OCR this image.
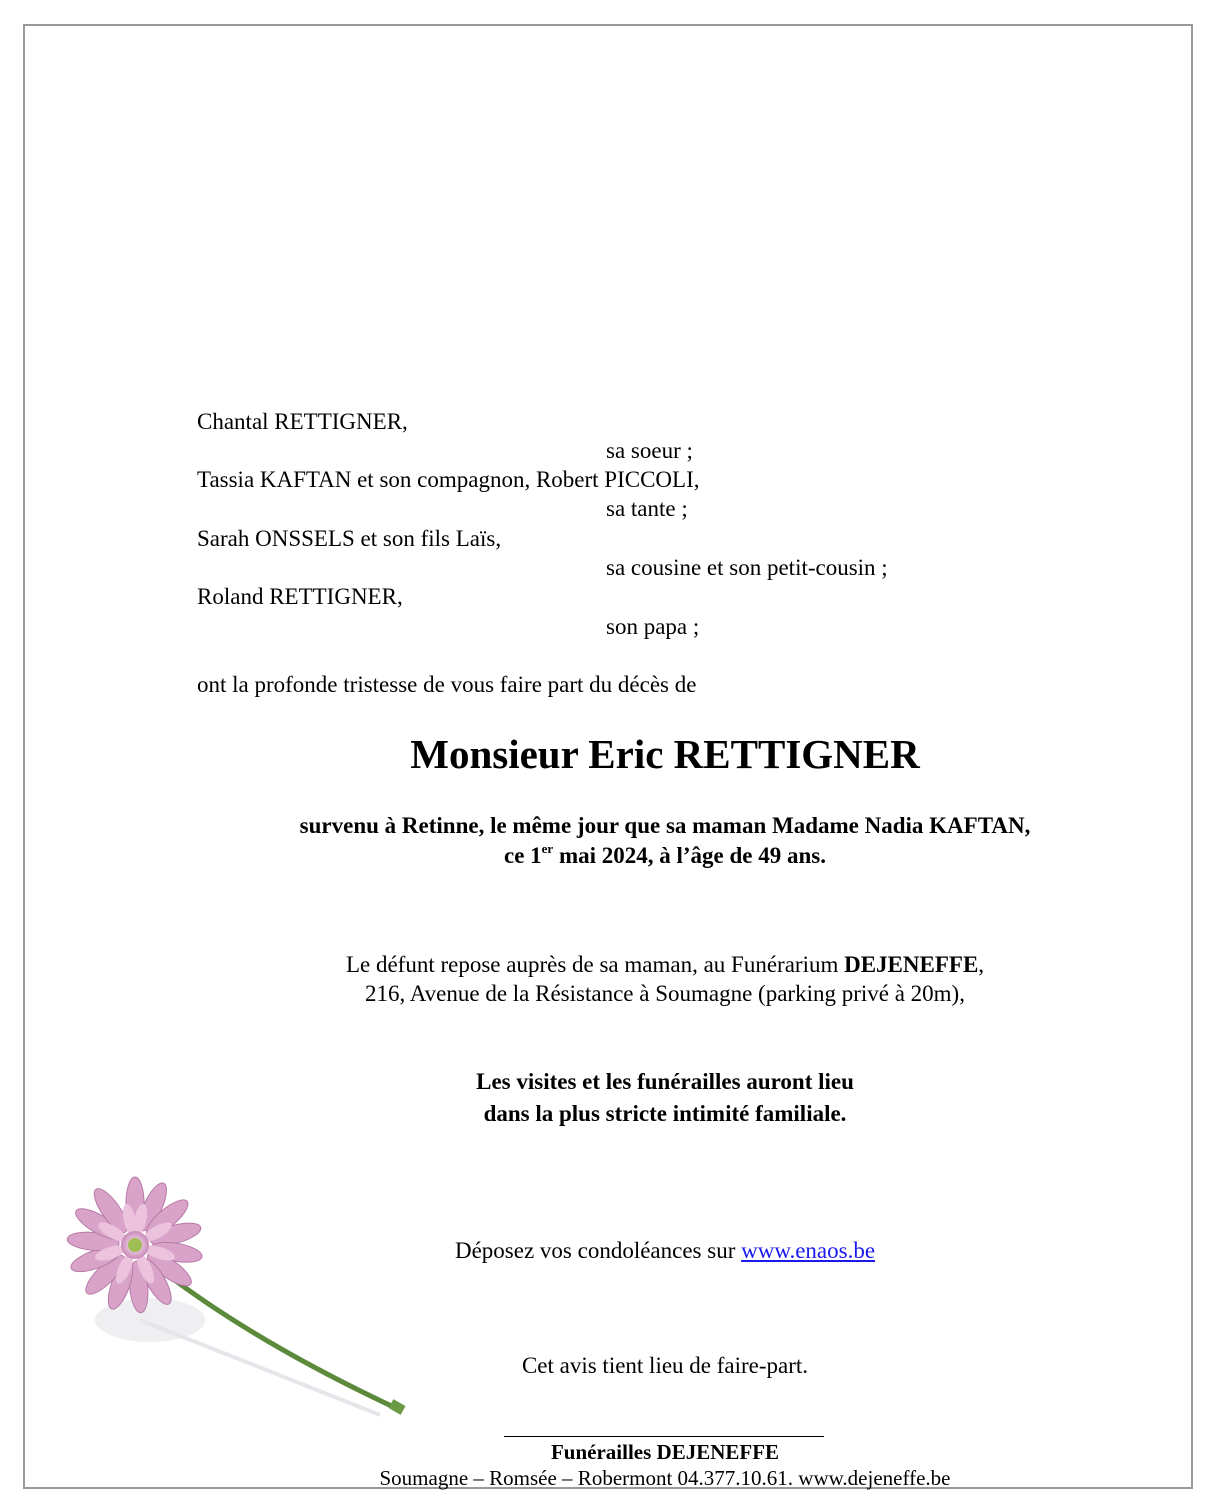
Chantal RETTIGNER,
sa soeur ;
Tassia KAFTAN et son compagnon, Robert PICCOLI,
sa tante ;
Sarah ONSSELS et son fils Laïs,
sa cousine et son petit-cousin ;
Roland RETTIGNER,
son papa ;
ont la profonde tristesse de vous faire part du décès de
Monsieur Eric RETTIGNER
survenu à Retinne, le même jour que sa maman Madame Nadia KAFTAN,
ce 1er mai 2024, à l’âge de 49 ans.
Le défunt repose auprès de sa maman, au Funérarium DEJENEFFE,
216, Avenue de la Résistance à Soumagne (parking privé à 20m),
Les visites et les funérailles auront lieu
dans la plus stricte intimité familiale.
Déposez vos condoléances sur www.enaos.be
Cet avis tient lieu de faire-part.
Funérailles DEJENEFFE
Soumagne – Romsée – Robermont 04.377.10.61. www.dejeneffe.be
